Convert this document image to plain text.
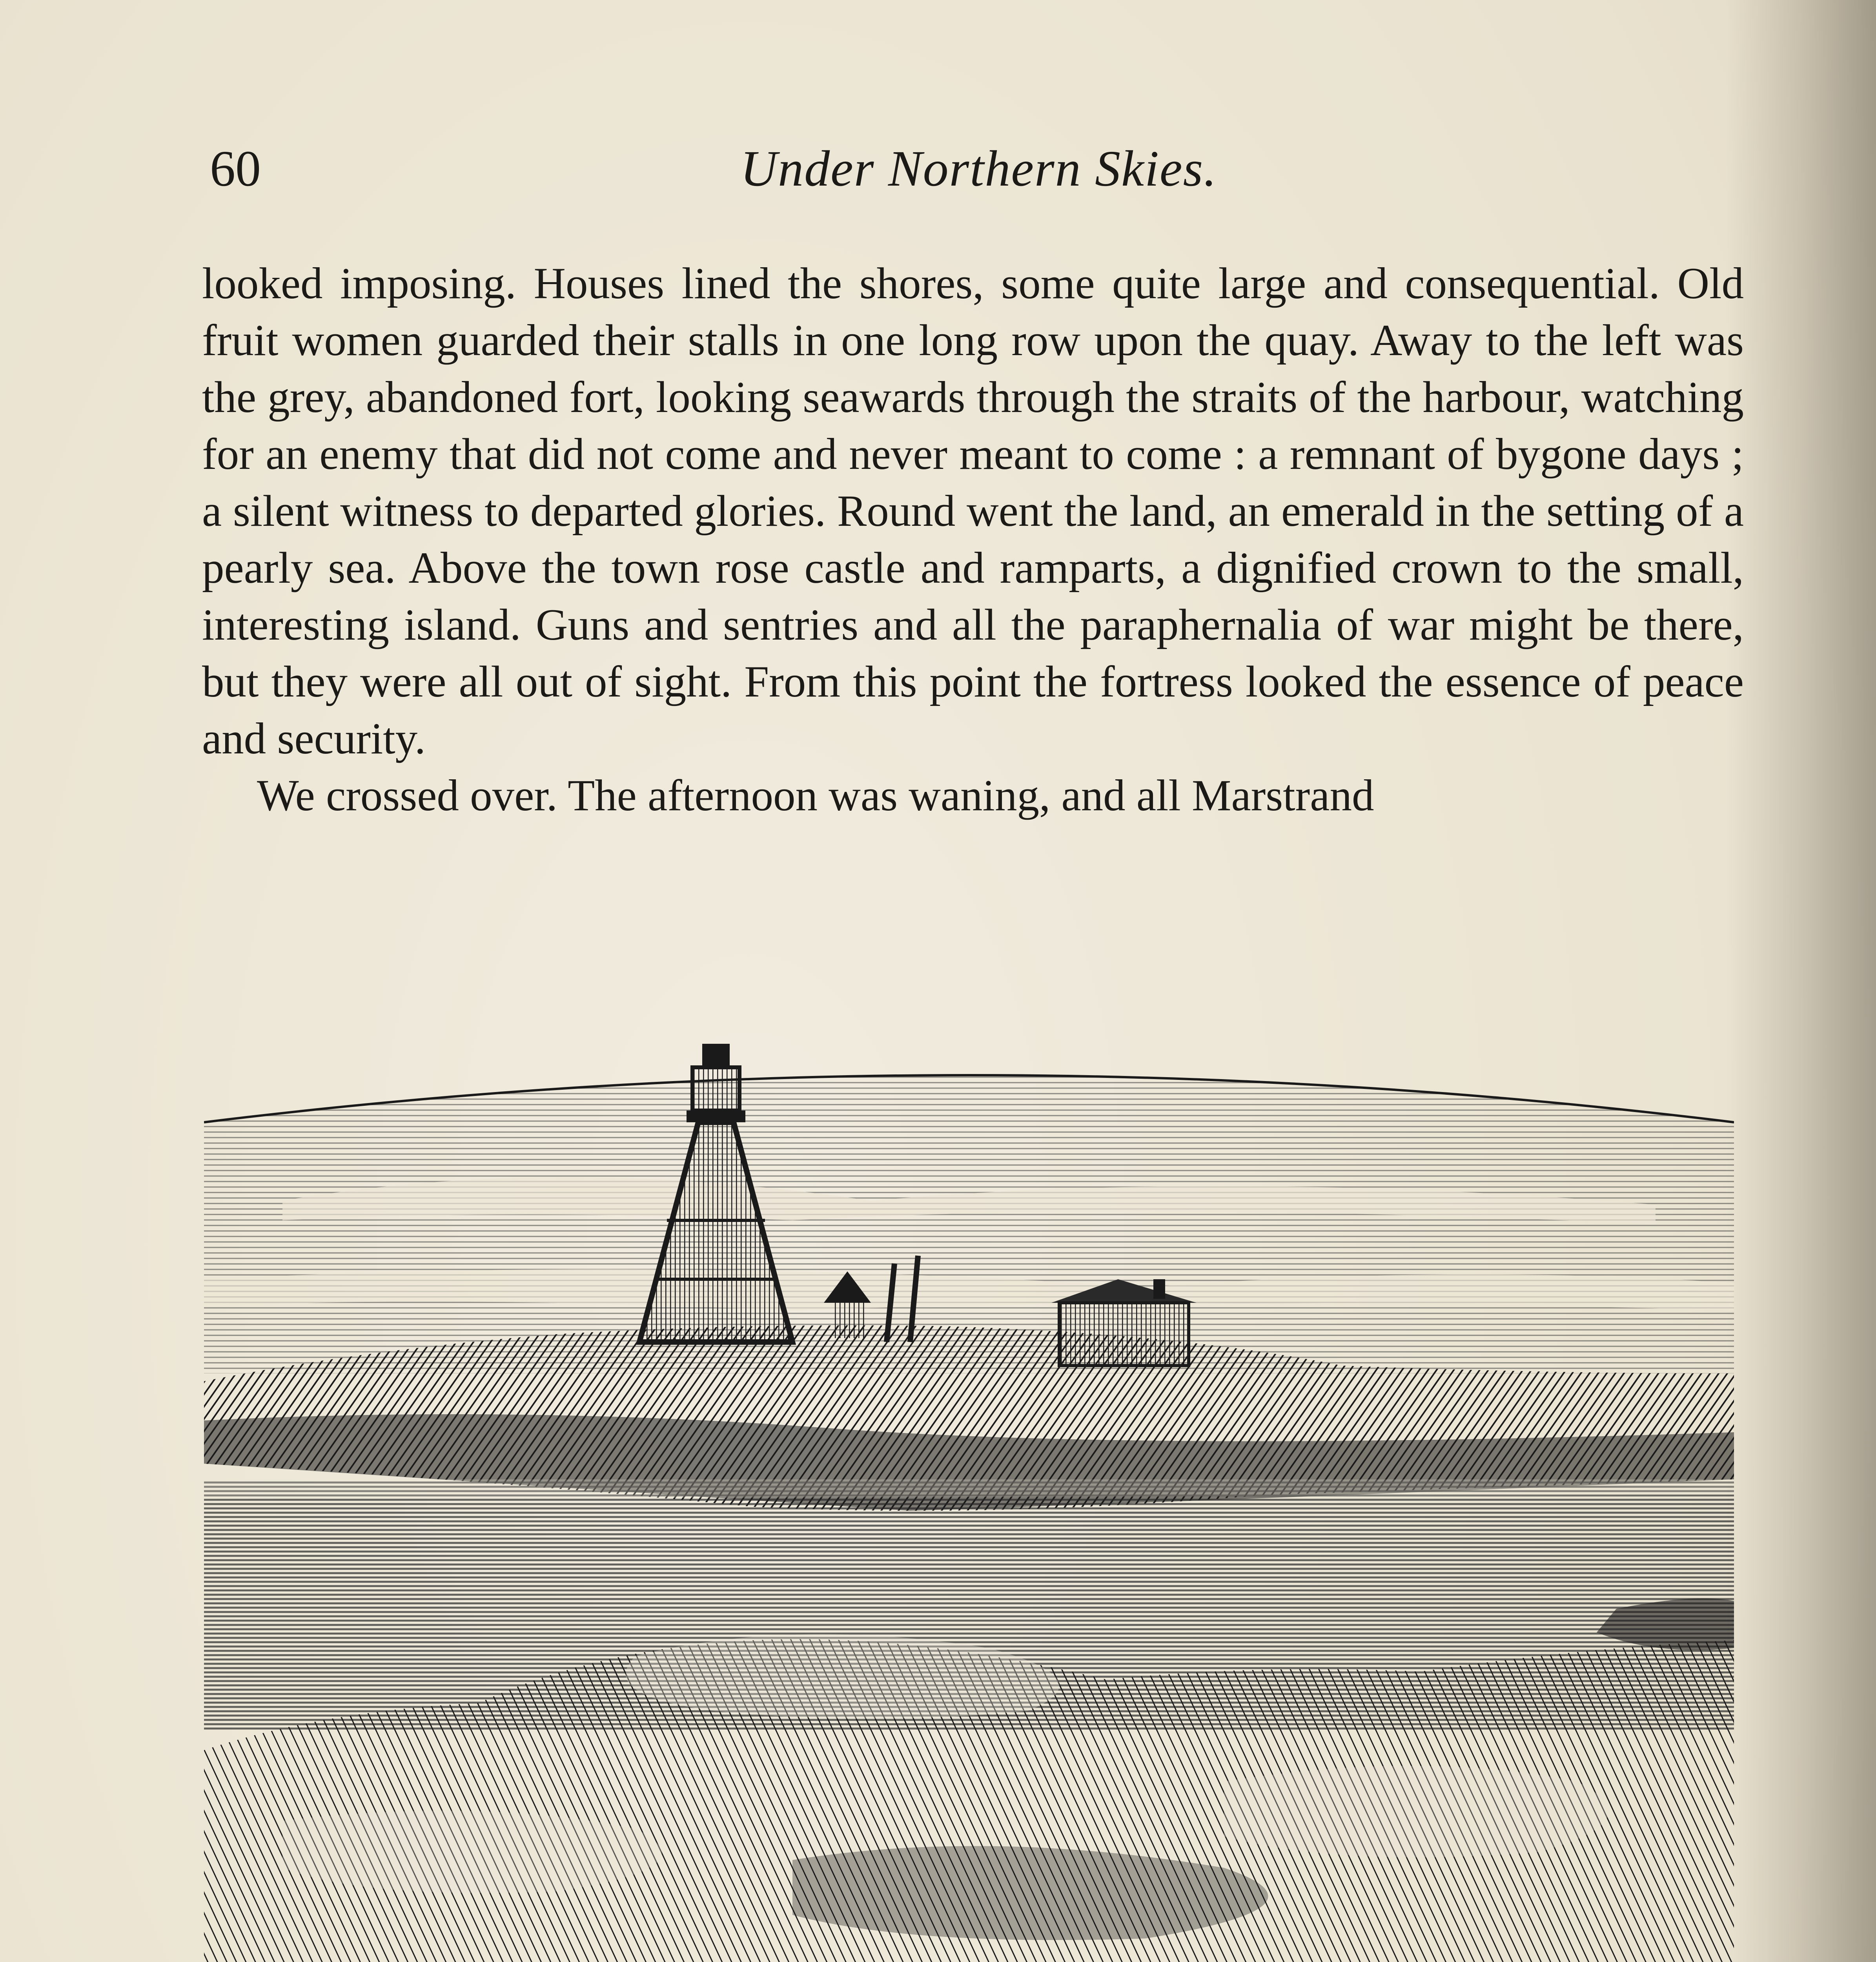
60	Under Northern Skies.

looked imposing. Houses lined the shores, some quite large and consequential. Old fruit women guarded their stalls in one long row upon the quay. Away to the left was the grey, abandoned fort, looking seawards through the straits of the harbour, watching for an enemy that did not come and never meant to come : a remnant of bygone days ; a silent witness to departed glories. Round went the land, an emerald in the setting of a pearly sea. Above the town rose castle and ramparts, a dignified crown to the small, interesting island. Guns and sentries and all the paraphernalia of war might be there, but they were all out of sight. From this point the fortress looked the essence of peace and security.

We crossed over. The afternoon was waning, and all Marstrand
